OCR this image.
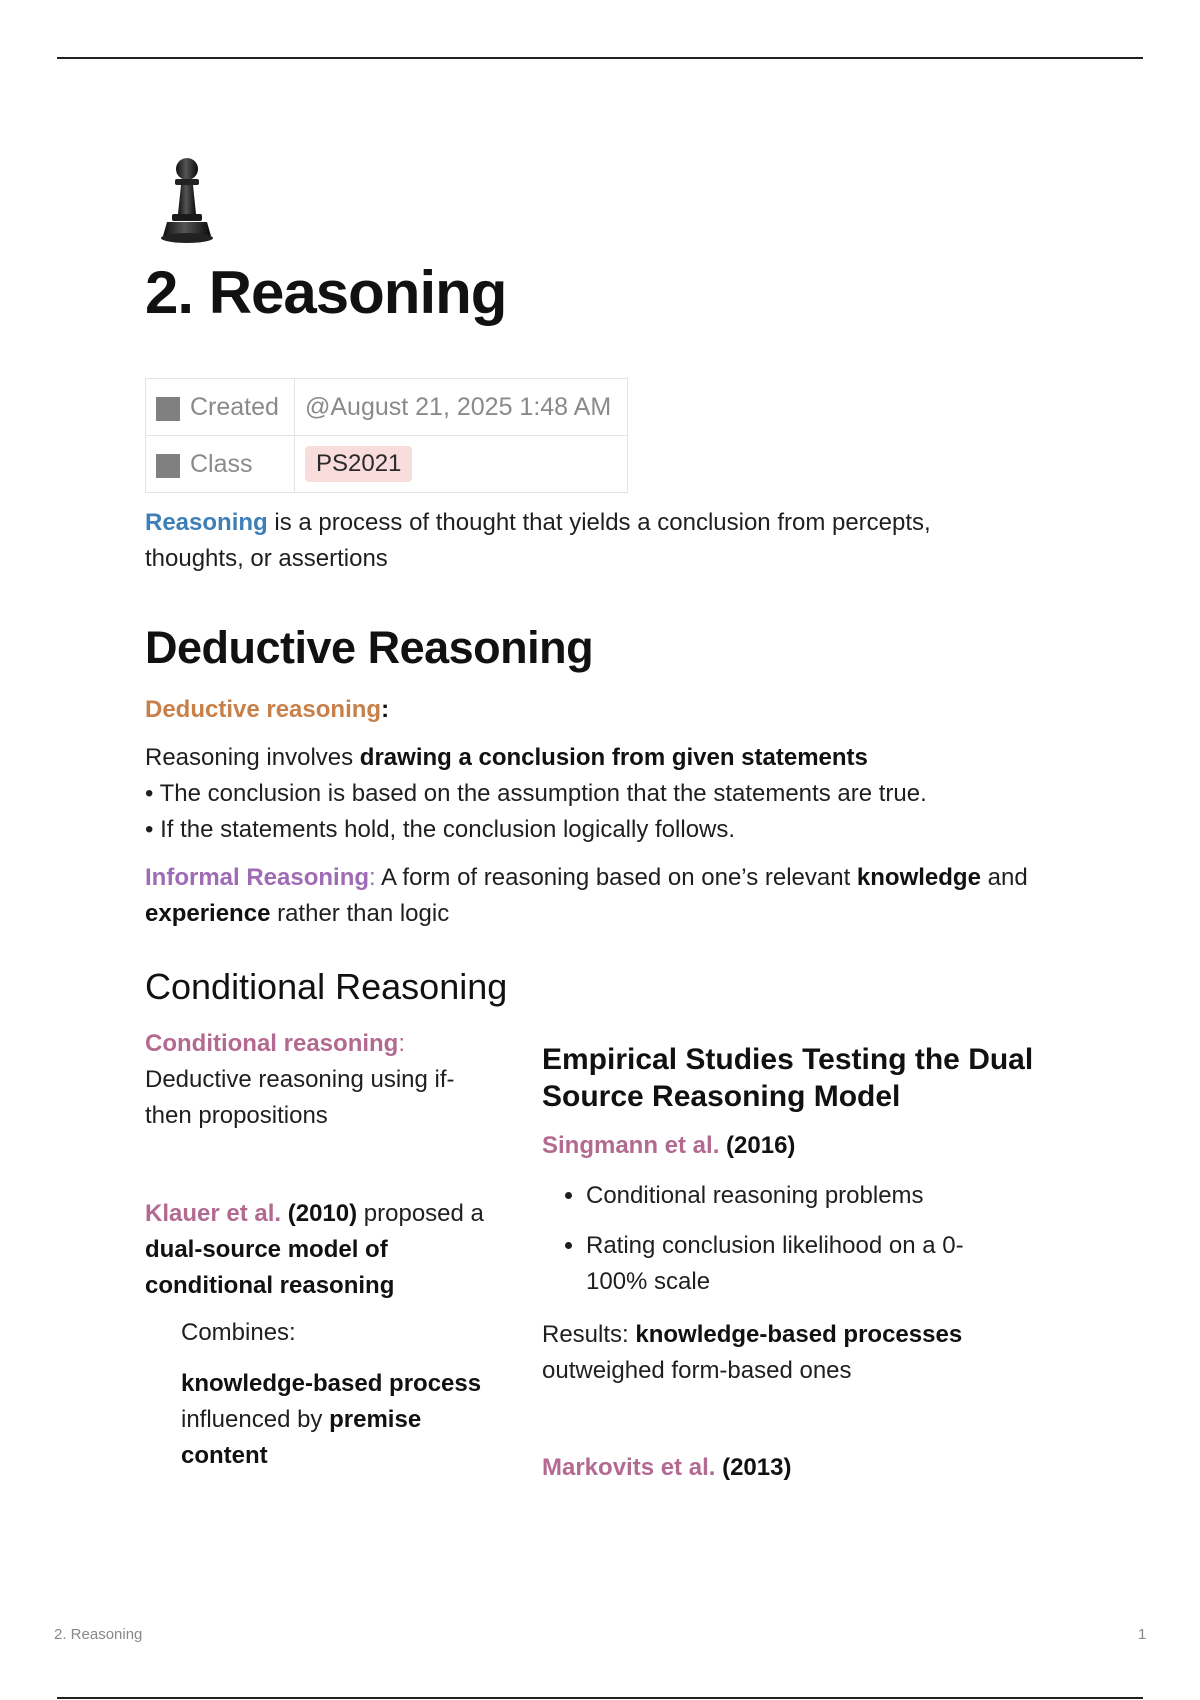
2. Reasoning
Created	@August 21, 2025 1:48 AM
Class	PS2021

Reasoning is a process of thought that yields a conclusion from percepts, thoughts, or assertions

Deductive Reasoning

Deductive reasoning:

Reasoning involves drawing a conclusion from given statements
• The conclusion is based on the assumption that the statements are true.
• If the statements hold, the conclusion logically follows.

Informal Reasoning: A form of reasoning based on one’s relevant knowledge and experience rather than logic

Conditional Reasoning

Conditional reasoning:
Deductive reasoning using if-then propositions

Klauer et al. (2010) proposed a dual-source model of conditional reasoning

Combines:

knowledge-based process influenced by premise content

Empirical Studies Testing the Dual Source Reasoning Model

Singmann et al. (2016)

• Conditional reasoning problems
• Rating conclusion likelihood on a 0-100% scale

Results: knowledge-based processes outweighed form-based ones

Markovits et al. (2013)

2. Reasoning	1
